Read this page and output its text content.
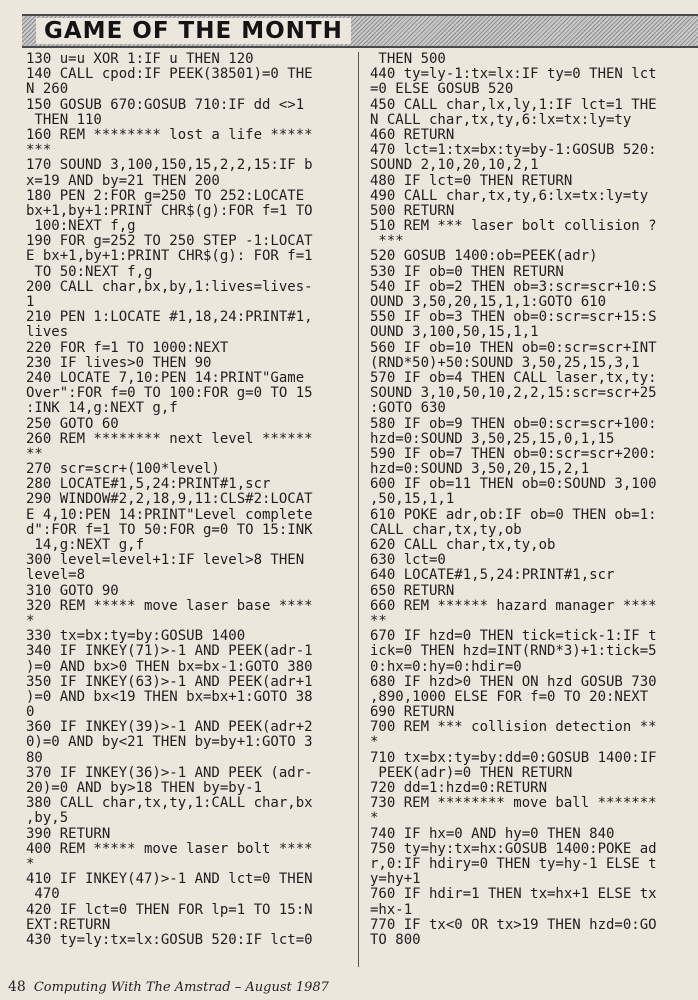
GAME OF THE MONTH
130 u=u XOR 1:IF u THEN 120
140 CALL cpod:IF PEEK(38501)=0 THE
N 260
150 GOSUB 670:GOSUB 710:IF dd <>1
THEN 110
160 REM ******** lost a life *****
***
170 SOUND 3,100,150,15,2,2,15:IF b
x=19 AND by=21 THEN 200
180 PEN 2:FOR g=250 TO 252:LOCATE
bx+1,by+1:PRINT CHR$(g):FOR f=1 TO
100:NEXT f,g
190 FOR g=252 TO 250 STEP -1:LOCAT
E bx+1,by+1:PRINT CHR$(g): FOR f=1
TO 50:NEXT f,g
200 CALL char,bx,by,1:lives=lives-
1
210 PEN 1:LOCATE #1,18,24:PRINT#1,
lives
220 FOR f=1 TO 1000:NEXT
230 IF lives>0 THEN 90
240 LOCATE 7,10:PEN 14:PRINT"Game
Over":FOR f=0 TO 100:FOR g=0 TO 15
:INK 14,g:NEXT g,f
250 GOTO 60
260 REM ******** next level ******
**
270 scr=scr+(100*level)
280 LOCATE#1,5,24:PRINT#1,scr
290 WINDOW#2,2,18,9,11:CLS#2:LOCAT
E 4,10:PEN 14:PRINT"Level complete
d":FOR f=1 TO 50:FOR g=0 TO 15:INK
14,g:NEXT g,f
300 level=level+1:IF level>8 THEN
level=8
310 GOTO 90
320 REM ***** move laser base ****
*
330 tx=bx:ty=by:GOSUB 1400
340 IF INKEY(71)>-1 AND PEEK(adr-1
)=0 AND bx>0 THEN bx=bx-1:GOTO 380
350 IF INKEY(63)>-1 AND PEEK(adr+1
)=0 AND bx<19 THEN bx=bx+1:GOTO 38
0
360 IF INKEY(39)>-1 AND PEEK(adr+2
0)=0 AND by<21 THEN by=by+1:GOTO 3
80
370 IF INKEY(36)>-1 AND PEEK (adr-
20)=0 AND by>18 THEN by=by-1
380 CALL char,tx,ty,1:CALL char,bx
,by,5
390 RETURN
400 REM ***** move laser bolt ****
*
410 IF INKEY(47)>-1 AND lct=0 THEN
470
420 IF lct=0 THEN FOR lp=1 TO 15:N
EXT:RETURN
430 ty=ly:tx=lx:GOSUB 520:IF lct=0
THEN 500
440 ty=ly-1:tx=lx:IF ty=0 THEN lct
=0 ELSE GOSUB 520
450 CALL char,lx,ly,1:IF lct=1 THE
N CALL char,tx,ty,6:lx=tx:ly=ty
460 RETURN
470 lct=1:tx=bx:ty=by-1:GOSUB 520:
SOUND 2,10,20,10,2,1
480 IF lct=0 THEN RETURN
490 CALL char,tx,ty,6:lx=tx:ly=ty
500 RETURN
510 REM *** laser bolt collision ?
***
520 GOSUB 1400:ob=PEEK(adr)
530 IF ob=0 THEN RETURN
540 IF ob=2 THEN ob=3:scr=scr+10:S
OUND 3,50,20,15,1,1:GOTO 610
550 IF ob=3 THEN ob=0:scr=scr+15:S
OUND 3,100,50,15,1,1
560 IF ob=10 THEN ob=0:scr=scr+INT
(RND*50)+50:SOUND 3,50,25,15,3,1
570 IF ob=4 THEN CALL laser,tx,ty:
SOUND 3,10,50,10,2,2,15:scr=scr+25
:GOTO 630
580 IF ob=9 THEN ob=0:scr=scr+100:
hzd=0:SOUND 3,50,25,15,0,1,15
590 IF ob=7 THEN ob=0:scr=scr+200:
hzd=0:SOUND 3,50,20,15,2,1
600 IF ob=11 THEN ob=0:SOUND 3,100
,50,15,1,1
610 POKE adr,ob:IF ob=0 THEN ob=1:
CALL char,tx,ty,ob
620 CALL char,tx,ty,ob
630 lct=0
640 LOCATE#1,5,24:PRINT#1,scr
650 RETURN
660 REM ****** hazard manager ****
**
670 IF hzd=0 THEN tick=tick-1:IF t
ick=0 THEN hzd=INT(RND*3)+1:tick=5
0:hx=0:hy=0:hdir=0
680 IF hzd>0 THEN ON hzd GOSUB 730
,890,1000 ELSE FOR f=0 TO 20:NEXT
690 RETURN
700 REM *** collision detection **
*
710 tx=bx:ty=by:dd=0:GOSUB 1400:IF
PEEK(adr)=0 THEN RETURN
720 dd=1:hzd=0:RETURN
730 REM ******** move ball *******
*
740 IF hx=0 AND hy=0 THEN 840
750 ty=hy:tx=hx:GOSUB 1400:POKE ad
r,0:IF hdiry=0 THEN ty=hy-1 ELSE t
y=hy+1
760 IF hdir=1 THEN tx=hx+1 ELSE tx
=hx-1
770 IF tx<0 OR tx>19 THEN hzd=0:GO
TO 800
48 Computing With The Amstrad – August 1987
